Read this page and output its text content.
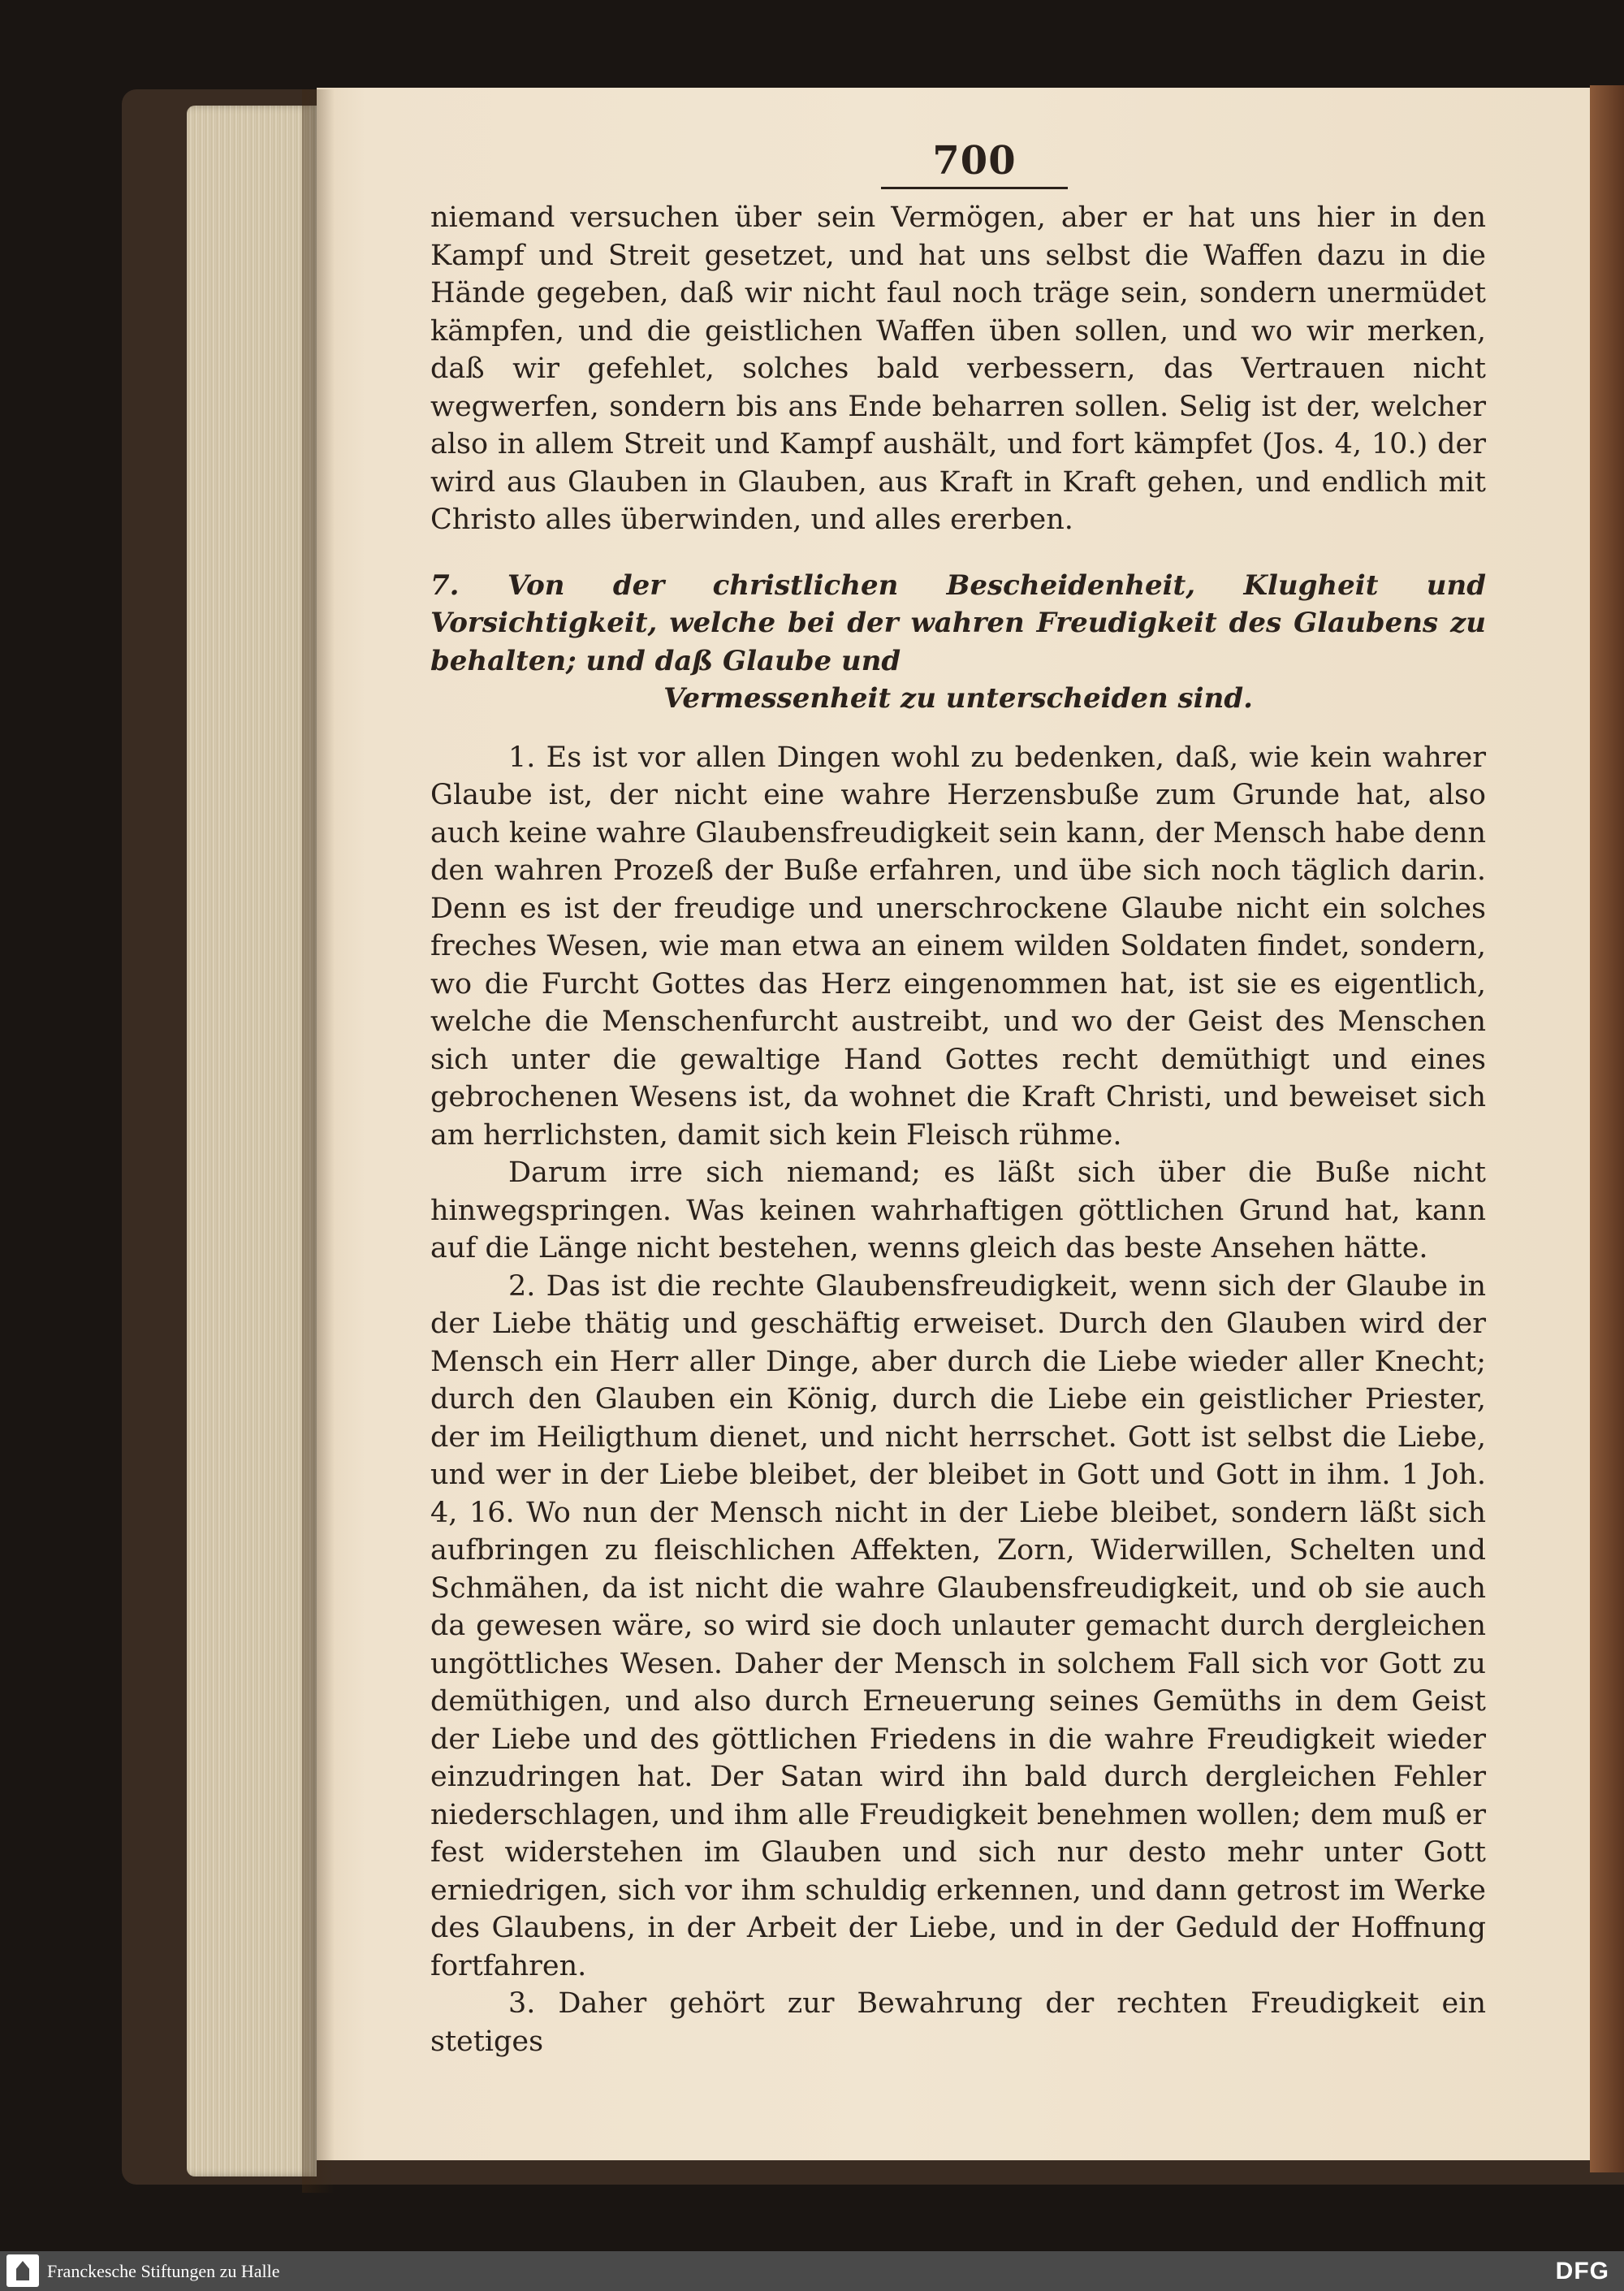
700

niemand versuchen über sein Vermögen, aber er hat uns hier in den Kampf und Streit gesetzet, und hat uns selbst die Waffen dazu in die Hände gegeben, daß wir nicht faul noch träge sein, sondern unermüdet kämpfen, und die geistlichen Waffen üben sollen, und wo wir merken, daß wir gefehlet, solches bald verbessern, das Vertrauen nicht wegwerfen, sondern bis ans Ende beharren sollen. Selig ist der, welcher also in allem Streit und Kampf aushält, und fort kämpfet (Jos. 4, 10.) der wird aus Glauben in Glauben, aus Kraft in Kraft gehen, und endlich mit Christo alles überwinden, und alles ererben.

7. Von der christlichen Bescheidenheit, Klugheit und Vorsichtigkeit, welche bei der wahren Freudigkeit des Glaubens zu behalten; und daß Glaube und
Vermessenheit zu unterscheiden sind.

1. Es ist vor allen Dingen wohl zu bedenken, daß, wie kein wahrer Glaube ist, der nicht eine wahre Herzensbuße zum Grunde hat, also auch keine wahre Glaubensfreudigkeit sein kann, der Mensch habe denn den wahren Prozeß der Buße erfahren, und übe sich noch täglich darin. Denn es ist der freudige und unerschrockene Glaube nicht ein solches freches Wesen, wie man etwa an einem wilden Soldaten findet, sondern, wo die Furcht Gottes das Herz eingenommen hat, ist sie es eigentlich, welche die Menschenfurcht austreibt, und wo der Geist des Menschen sich unter die gewaltige Hand Gottes recht demüthigt und eines gebrochenen Wesens ist, da wohnet die Kraft Christi, und beweiset sich am herrlichsten, damit sich kein Fleisch rühme.

Darum irre sich niemand; es läßt sich über die Buße nicht hinwegspringen. Was keinen wahrhaftigen göttlichen Grund hat, kann auf die Länge nicht bestehen, wenns gleich das beste Ansehen hätte.

2. Das ist die rechte Glaubensfreudigkeit, wenn sich der Glaube in der Liebe thätig und geschäftig erweiset. Durch den Glauben wird der Mensch ein Herr aller Dinge, aber durch die Liebe wieder aller Knecht; durch den Glauben ein König, durch die Liebe ein geistlicher Priester, der im Heiligthum dienet, und nicht herrschet. Gott ist selbst die Liebe, und wer in der Liebe bleibet, der bleibet in Gott und Gott in ihm. 1 Joh. 4, 16. Wo nun der Mensch nicht in der Liebe bleibet, sondern läßt sich aufbringen zu fleischlichen Affekten, Zorn, Widerwillen, Schelten und Schmähen, da ist nicht die wahre Glaubensfreudigkeit, und ob sie auch da gewesen wäre, so wird sie doch unlauter gemacht durch dergleichen ungöttliches Wesen. Daher der Mensch in solchem Fall sich vor Gott zu demüthigen, und also durch Erneuerung seines Gemüths in dem Geist der Liebe und des göttlichen Friedens in die wahre Freudigkeit wieder einzudringen hat. Der Satan wird ihn bald durch dergleichen Fehler niederschlagen, und ihm alle Freudigkeit benehmen wollen; dem muß er fest widerstehen im Glauben und sich nur desto mehr unter Gott erniedrigen, sich vor ihm schuldig erkennen, und dann getrost im Werke des Glaubens, in der Arbeit der Liebe, und in der Geduld der Hoffnung fortfahren.

3. Daher gehört zur Bewahrung der rechten Freudigkeit ein stetiges

Franckesche Stiftungen zu Halle	DFG
